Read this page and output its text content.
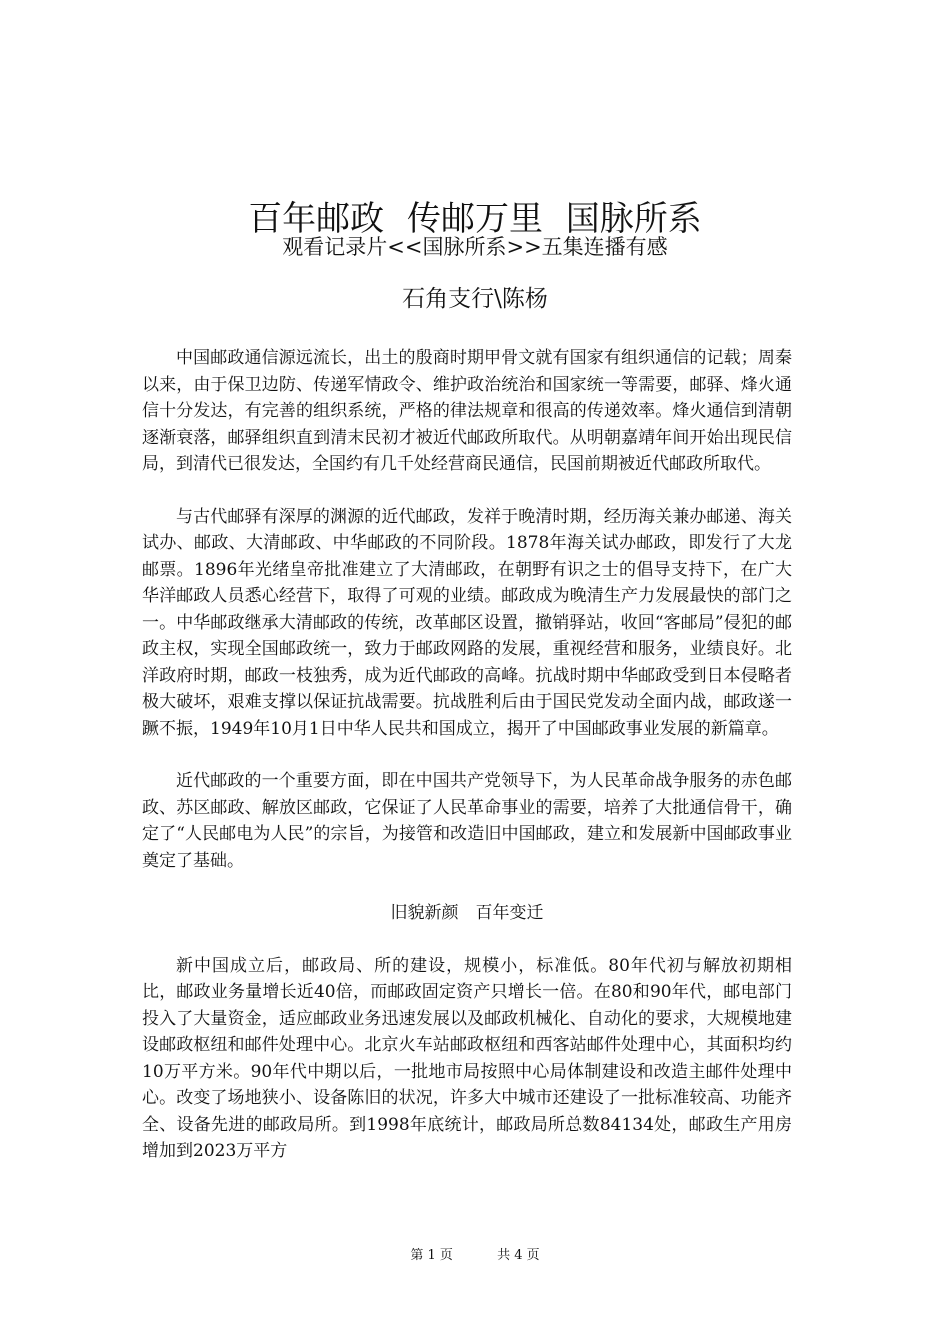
百年邮政 传邮万里 国脉所系
观看记录片<<国脉所系>>五集连播有感
石角支行\陈杨

中国邮政通信源远流长，出土的殷商时期甲骨文就有国家有组织通信的记载；周秦以来，由于保卫边防、传递军情政令、维护政治统治和国家统一等需要，邮驿、烽火通信十分发达，有完善的组织系统，严格的律法规章和很高的传递效率。烽火通信到清朝逐渐衰落，邮驿组织直到清末民初才被近代邮政所取代。从明朝嘉靖年间开始出现民信局，到清代已很发达，全国约有几千处经营商民通信，民国前期被近代邮政所取代。

与古代邮驿有深厚的渊源的近代邮政，发祥于晚清时期，经历海关兼办邮递、海关试办、邮政、大清邮政、中华邮政的不同阶段。1878年海关试办邮政，即发行了大龙邮票。1896年光绪皇帝批准建立了大清邮政，在朝野有识之士的倡导支持下，在广大华洋邮政人员悉心经营下，取得了可观的业绩。邮政成为晚清生产力发展最快的部门之一。中华邮政继承大清邮政的传统，改革邮区设置，撤销驿站，收回“客邮局”侵犯的邮政主权，实现全国邮政统一，致力于邮政网路的发展，重视经营和服务，业绩良好。北洋政府时期，邮政一枝独秀，成为近代邮政的高峰。抗战时期中华邮政受到日本侵略者极大破坏，艰难支撑以保证抗战需要。抗战胜利后由于国民党发动全面内战，邮政遂一蹶不振，1949年10月1日中华人民共和国成立，揭开了中国邮政事业发展的新篇章。

近代邮政的一个重要方面，即在中国共产党领导下，为人民革命战争服务的赤色邮政、苏区邮政、解放区邮政，它保证了人民革命事业的需要，培养了大批通信骨干，确定了“人民邮电为人民”的宗旨，为接管和改造旧中国邮政，建立和发展新中国邮政事业奠定了基础。

旧貌新颜　百年变迁

新中国成立后，邮政局、所的建设，规模小，标准低。80年代初与解放初期相比，邮政业务量增长近40倍，而邮政固定资产只增长一倍。在80和90年代，邮电部门投入了大量资金，适应邮政业务迅速发展以及邮政机械化、自动化的要求，大规模地建设邮政枢纽和邮件处理中心。北京火车站邮政枢纽和西客站邮件处理中心，其面积均约10万平方米。90年代中期以后，一批地市局按照中心局体制建设和改造主邮件处理中心。改变了场地狭小、设备陈旧的状况，许多大中城市还建设了一批标准较高、功能齐全、设备先进的邮政局所。到1998年底统计，邮政局所总数84134处，邮政生产用房增加到2023万平方

第 1 页	共 4 页
